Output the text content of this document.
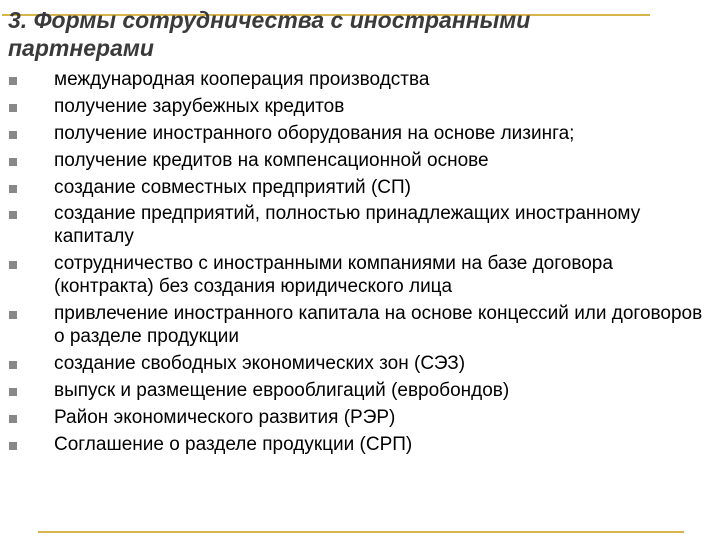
3. Формы сотрудничества с иностранными
партнерами
международная кооперация производства
получение зарубежных кредитов
получение иностранного оборудования на основе лизинга;
получение кредитов на компенсационной основе
создание совместных предприятий (СП)
создание предприятий, полностью принадлежащих иностранному капиталу
сотрудничество с иностранными компаниями на базе договора (контракта) без создания юридического лица
привлечение иностранного капитала на основе концессий или договоров о разделе продукции
создание свободных экономических зон (СЭЗ)
выпуск и размещение еврооблигаций (евробондов)
Район экономического развития (РЭР)
Соглашение о разделе продукции (СРП)
